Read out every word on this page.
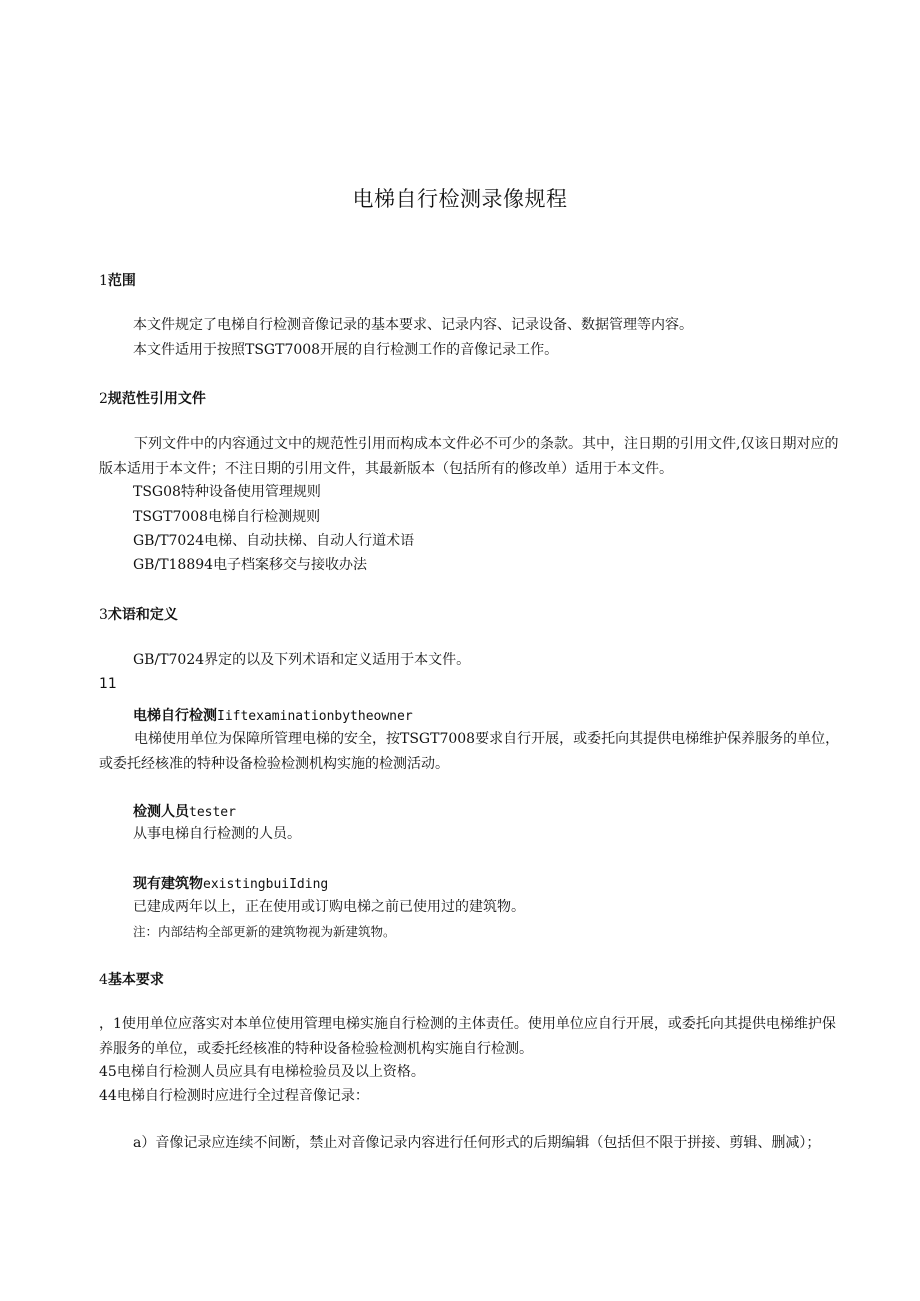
电梯自行检测录像规程
1范围
本文件规定了电梯自行检测音像记录的基本要求、记录内容、记录设备、数据管理等内容。
本文件适用于按照TSGT7008开展的自行检测工作的音像记录工作。
2规范性引用文件
下列文件中的内容通过文中的规范性引用而构成本文件必不可少的条款。其中，注日期的引用文件,仅该日期对应的版本适用于本文件；不注日期的引用文件，其最新版本（包括所有的修改单）适用于本文件。
TSG08特种设备使用管理规则
TSGT7008电梯自行检测规则
GB/T7024电梯、自动扶梯、自动人行道术语
GB/T18894电子档案移交与接收办法
3术语和定义
GB/T7024界定的以及下列术语和定义适用于本文件。
11
电梯自行检测Iiftexaminationbytheowner
电梯使用单位为保障所管理电梯的安全，按TSGT7008要求自行开展，或委托向其提供电梯维护保养服务的单位，或委托经核准的特种设备检验检测机构实施的检测活动。
检测人员tester
从事电梯自行检测的人员。
现有建筑物existingbuiIding
已建成两年以上，正在使用或订购电梯之前已使用过的建筑物。
注：内部结构全部更新的建筑物视为新建筑物。
4基本要求
，1使用单位应落实对本单位使用管理电梯实施自行检测的主体责任。使用单位应自行开展，或委托向其提供电梯维护保养服务的单位，或委托经核准的特种设备检验检测机构实施自行检测。
45电梯自行检测人员应具有电梯检验员及以上资格。
44电梯自行检测时应进行全过程音像记录：
a）音像记录应连续不间断，禁止对音像记录内容进行任何形式的后期编辑（包括但不限于拼接、剪辑、删减）；
